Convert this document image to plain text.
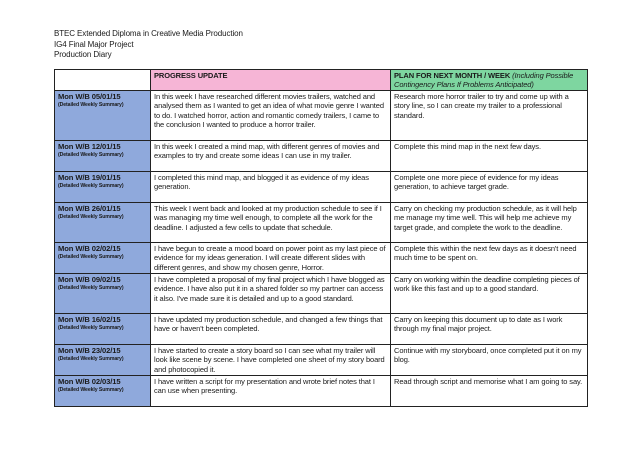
BTEC Extended Diploma in Creative Media Production
IG4 Final Major Project
Production Diary
	PROGRESS UPDATE	PLAN FOR NEXT MONTH / WEEK (Including Possible Contingency Plans If Problems Anticipated)

Mon W/B 05/01/15
(Detailed Weekly Summary)	In this week I have researched different movies trailers, watched and analysed them as I wanted to get an idea of what movie genre I wanted to do. I watched horror, action and romantic comedy trailers, I came to the conclusion I wanted to produce a horror trailer.	Research more horror trailer to try and come up with a story line, so I can create my trailer to a professional standard.

Mon W/B 12/01/15
(Detailed Weekly Summary)	In this week I created a mind map, with different genres of movies and examples to try and create some ideas I can use in my trailer.	Complete this mind map in the next few days.

Mon W/B 19/01/15
(Detailed Weekly Summary)	I completed this mind map, and blogged it as evidence of my ideas generation.	Complete one more piece of evidence for my ideas generation, to achieve target grade.

Mon W/B 26/01/15
(Detailed Weekly Summary)	This week I went back and looked at my production schedule to see if I was managing my time well enough, to complete all the work for the deadline. I adjusted a few cells to update that schedule.	Carry on checking my production schedule, as it will help me manage my time well. This will help me achieve my target grade, and complete the work to the deadline.

Mon W/B 02/02/15
(Detailed Weekly Summary)	I have begun to create a mood board on power point as my last piece of evidence for my ideas generation. I will create different slides with different genres, and show my chosen genre, Horror.	Complete this within the next few days as it doesn't need much time to be spent on.

Mon W/B 09/02/15
(Detailed Weekly Summary)	I have completed a proposal of my final project which I have blogged as evidence. I have also put it in a shared folder so my partner can access it also. I've made sure it is detailed and up to a good standard.	Carry on working within the deadline completing pieces of work like this fast and up to a good standard.

Mon W/B 16/02/15
(Detailed Weekly Summary)	I have updated my production schedule, and changed a few things that have or haven't been completed.	Carry on keeping this document up to date as I work through my final major project.

Mon W/B 23/02/15
(Detailed Weekly Summary)	I have started to create a story board so I can see what my trailer will look like scene by scene. I have completed one sheet of my story board and photocopied it.	Continue with my storyboard, once completed put it on my blog.

Mon W/B 02/03/15
(Detailed Weekly Summary)	I have written a script for my presentation and wrote brief notes that I can use when presenting.	Read through script and memorise what I am going to say.
